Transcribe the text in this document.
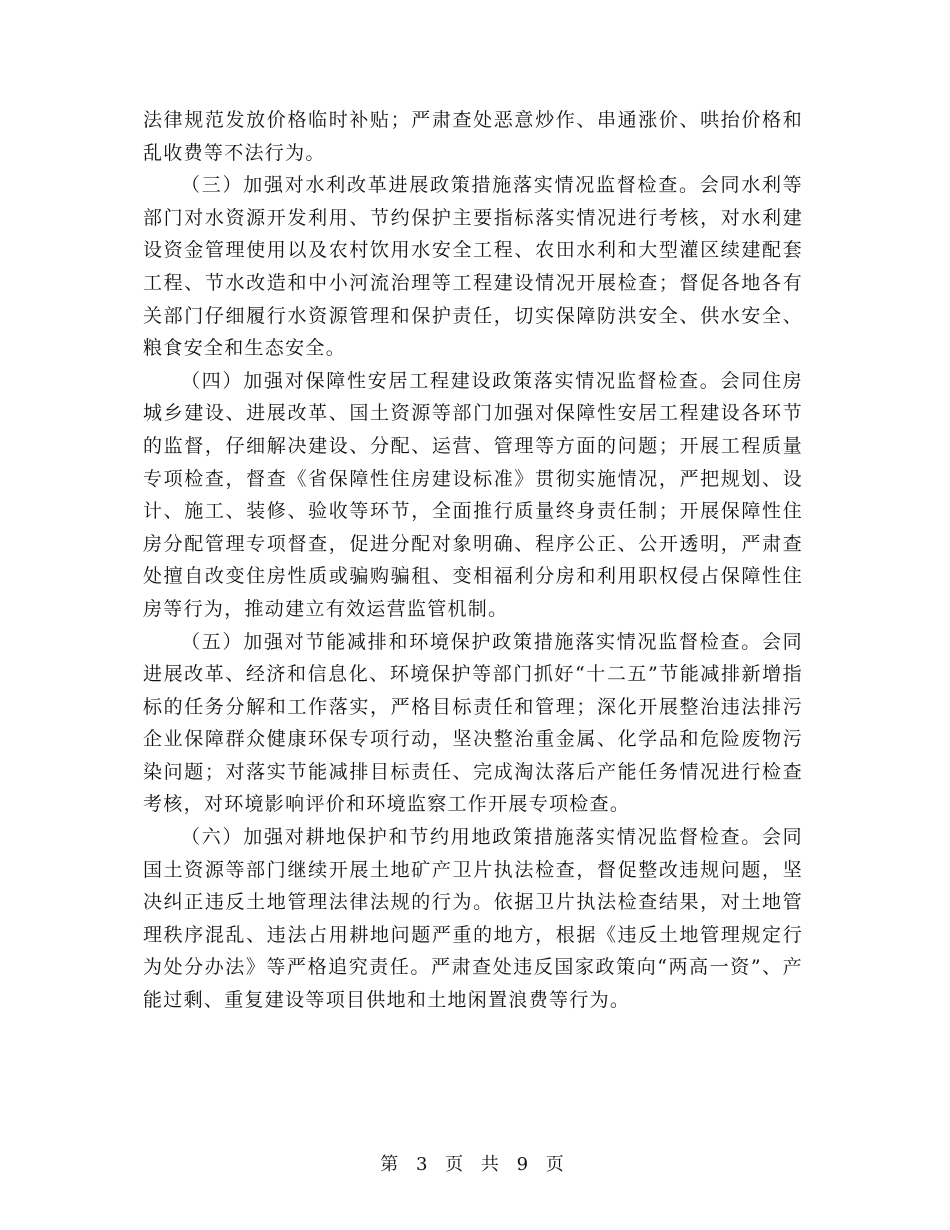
法律规范发放价格临时补贴；严肃查处恶意炒作、串通涨价、哄抬价格和乱收费等不法行为。

（三）加强对水利改革进展政策措施落实情况监督检查。会同水利等部门对水资源开发利用、节约保护主要指标落实情况进行考核，对水利建设资金管理使用以及农村饮用水安全工程、农田水利和大型灌区续建配套工程、节水改造和中小河流治理等工程建设情况开展检查；督促各地各有关部门仔细履行水资源管理和保护责任，切实保障防洪安全、供水安全、粮食安全和生态安全。

（四）加强对保障性安居工程建设政策落实情况监督检查。会同住房城乡建设、进展改革、国土资源等部门加强对保障性安居工程建设各环节的监督，仔细解决建设、分配、运营、管理等方面的问题；开展工程质量专项检查，督查《省保障性住房建设标准》贯彻实施情况，严把规划、设计、施工、装修、验收等环节，全面推行质量终身责任制；开展保障性住房分配管理专项督查，促进分配对象明确、程序公正、公开透明，严肃查处擅自改变住房性质或骗购骗租、变相福利分房和利用职权侵占保障性住房等行为，推动建立有效运营监管机制。

（五）加强对节能减排和环境保护政策措施落实情况监督检查。会同进展改革、经济和信息化、环境保护等部门抓好“十二五”节能减排新增指标的任务分解和工作落实，严格目标责任和管理；深化开展整治违法排污企业保障群众健康环保专项行动，坚决整治重金属、化学品和危险废物污染问题；对落实节能减排目标责任、完成淘汰落后产能任务情况进行检查考核，对环境影响评价和环境监察工作开展专项检查。

（六）加强对耕地保护和节约用地政策措施落实情况监督检查。会同国土资源等部门继续开展土地矿产卫片执法检查，督促整改违规问题，坚决纠正违反土地管理法律法规的行为。依据卫片执法检查结果，对土地管理秩序混乱、违法占用耕地问题严重的地方，根据《违反土地管理规定行为处分办法》等严格追究责任。严肃查处违反国家政策向“两高一资”、产能过剩、重复建设等项目供地和土地闲置浪费等行为。

第 3 页 共 9 页
